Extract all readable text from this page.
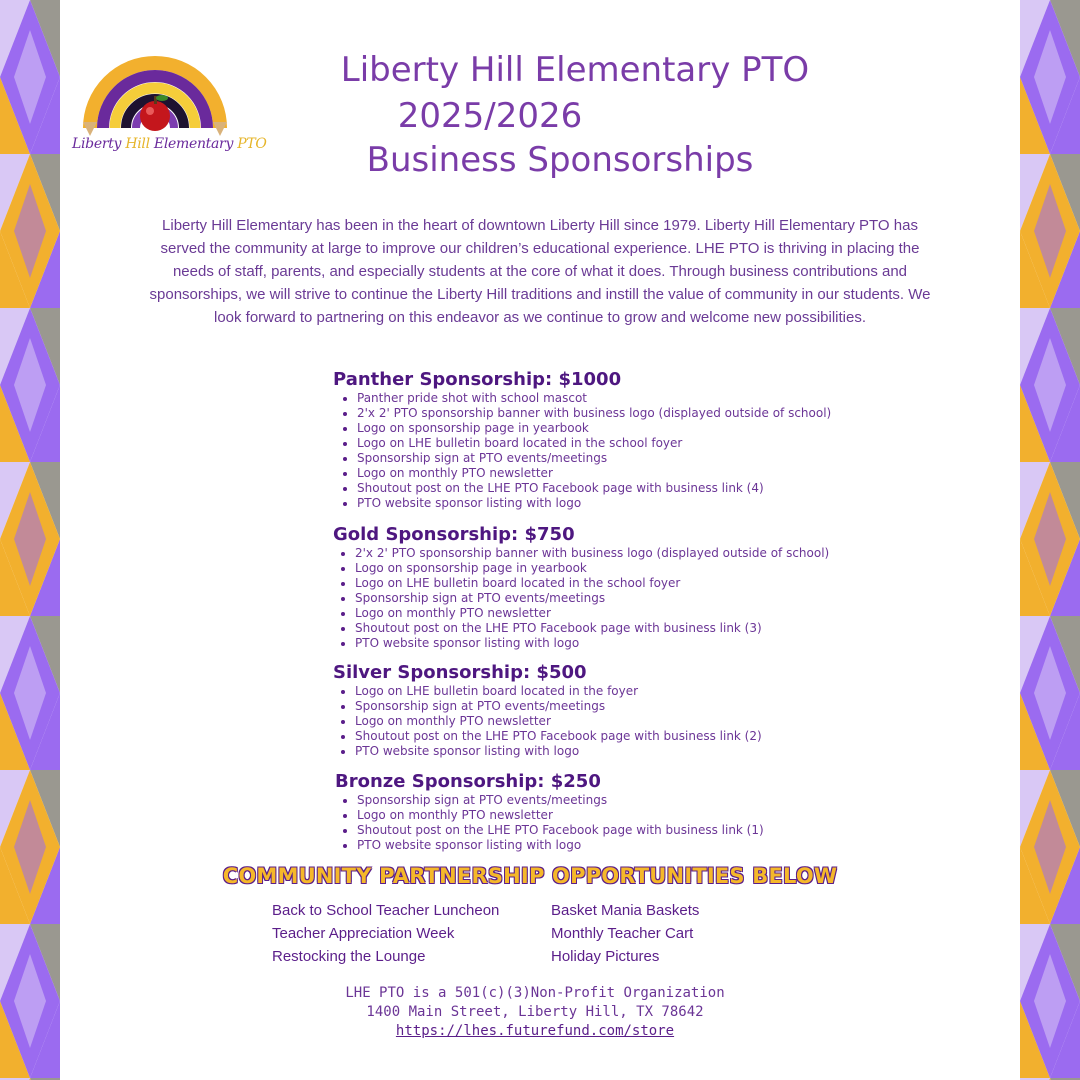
Liberty Hill Elementary PTO
Liberty Hill Elementary PTO
2025/2026
Business Sponsorships
Liberty Hill Elementary has been in the heart of downtown Liberty Hill since 1979. Liberty Hill Elementary PTO has served the community at large to improve our children’s educational experience. LHE PTO is thriving in placing the needs of staff, parents, and especially students at the core of what it does. Through business contributions and sponsorships, we will strive to continue the Liberty Hill traditions and instill the value of community in our students. We look forward to partnering on this endeavor as we continue to grow and welcome new possibilities.
Panther Sponsorship: $1000
• Panther pride shot with school mascot
• 2'x 2' PTO sponsorship banner with business logo (displayed outside of school)
• Logo on sponsorship page in yearbook
• Logo on LHE bulletin board located in the school foyer
• Sponsorship sign at PTO events/meetings
• Logo on monthly PTO newsletter
• Shoutout post on the LHE PTO Facebook page with business link (4)
• PTO website sponsor listing with logo
Gold Sponsorship: $750
• 2'x 2' PTO sponsorship banner with business logo (displayed outside of school)
• Logo on sponsorship page in yearbook
• Logo on LHE bulletin board located in the school foyer
• Sponsorship sign at PTO events/meetings
• Logo on monthly PTO newsletter
• Shoutout post on the LHE PTO Facebook page with business link (3)
• PTO website sponsor listing with logo
Silver Sponsorship: $500
• Logo on LHE bulletin board located in the foyer
• Sponsorship sign at PTO events/meetings
• Logo on monthly PTO newsletter
• Shoutout post on the LHE PTO Facebook page with business link (2)
• PTO website sponsor listing with logo
Bronze Sponsorship: $250
• Sponsorship sign at PTO events/meetings
• Logo on monthly PTO newsletter
• Shoutout post on the LHE PTO Facebook page with business link (1)
• PTO website sponsor listing with logo
COMMUNITY PARTNERSHIP OPPORTUNITIES BELOW
Back to School Teacher Luncheon
Teacher Appreciation Week
Restocking the Lounge
Basket Mania Baskets
Monthly Teacher Cart
Holiday Pictures
LHE PTO is a 501(c)(3)Non-Profit Organization
1400 Main Street, Liberty Hill, TX 78642
https://lhes.futurefund.com/store
